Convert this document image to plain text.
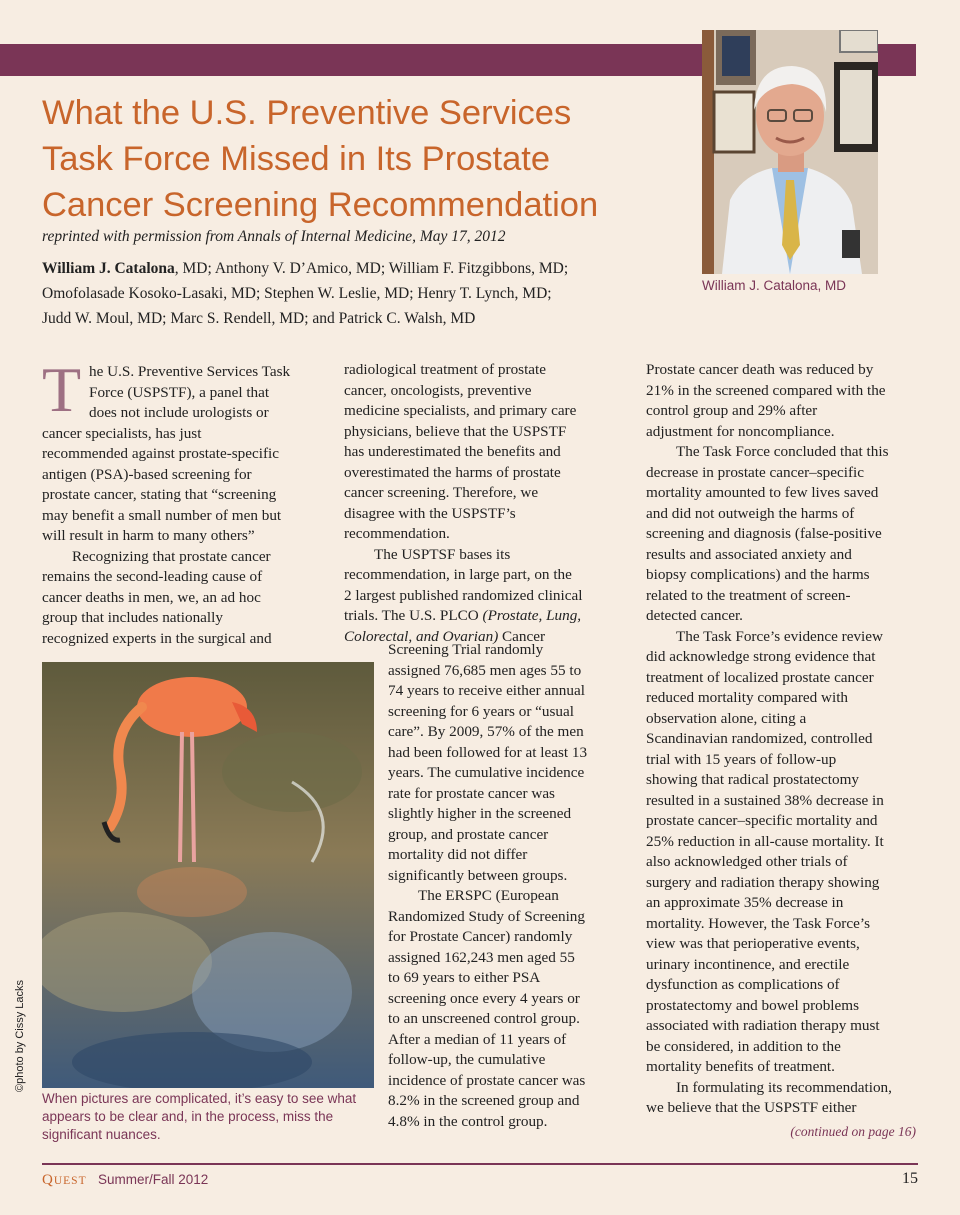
William J. Catalona, MD
What the U.S. Preventive Services
Task Force Missed in Its Prostate
Cancer Screening Recommendation
reprinted with permission from Annals of Internal Medicine, May 17, 2012
William J. Catalona, MD; Anthony V. D’Amico, MD; William F. Fitzgibbons, MD;
Omofolasade Kosoko-Lasaki, MD; Stephen W. Leslie, MD; Henry T. Lynch, MD;
Judd W. Moul, MD; Marc S. Rendell, MD; and Patrick C. Walsh, MD
T he U.S. Preventive Services Task
Force (USPSTF), a panel that
does not include urologists or

cancer specialists, has just
recommended against prostate-specific
antigen (PSA)-based screening for
prostate cancer, stating that “screening
may benefit a small number of men but
will result in harm to many others”

Recognizing that prostate cancer
remains the second-leading cause of
cancer deaths in men, we, an ad hoc
group that includes nationally
recognized experts in the surgical and

©photo by Cissy Lacks
When pictures are complicated, it’s easy to see what
appears to be clear and, in the process, miss the
significant nuances.

radiological treatment of prostate
cancer, oncologists, preventive
medicine specialists, and primary care
physicians, believe that the USPSTF
has underestimated the benefits and
overestimated the harms of prostate
cancer screening. Therefore, we
disagree with the USPSTF’s
recommendation.

The USPTSF bases its
recommendation, in large part, on the
2 largest published randomized clinical
trials. The U.S. PLCO (Prostate, Lung,
Colorectal, and Ovarian) Cancer

Screening Trial randomly
assigned 76,685 men ages 55 to
74 years to receive either annual
screening for 6 years or “usual
care”. By 2009, 57% of the men
had been followed for at least 13
years. The cumulative incidence
rate for prostate cancer was
slightly higher in the screened
group, and prostate cancer
mortality did not differ
significantly between groups.

The ERSPC (European
Randomized Study of Screening
for Prostate Cancer) randomly
assigned 162,243 men aged 55
to 69 years to either PSA
screening once every 4 years or
to an unscreened control group.
After a median of 11 years of
follow-up, the cumulative
incidence of prostate cancer was
8.2% in the screened group and
4.8% in the control group.

Prostate cancer death was reduced by
21% in the screened compared with the
control group and 29% after
adjustment for noncompliance.

The Task Force concluded that this
decrease in prostate cancer–specific
mortality amounted to few lives saved
and did not outweigh the harms of
screening and diagnosis (false-positive
results and associated anxiety and
biopsy complications) and the harms
related to the treatment of screen-
detected cancer.

The Task Force’s evidence review
did acknowledge strong evidence that
treatment of localized prostate cancer
reduced mortality compared with
observation alone, citing a
Scandinavian randomized, controlled
trial with 15 years of follow-up
showing that radical prostatectomy
resulted in a sustained 38% decrease in
prostate cancer–specific mortality and
25% reduction in all-cause mortality. It
also acknowledged other trials of
surgery and radiation therapy showing
an approximate 35% decrease in
mortality. However, the Task Force’s
view was that perioperative events,
urinary incontinence, and erectile
dysfunction as complications of
prostatectomy and bowel problems
associated with radiation therapy must
be considered, in addition to the
mortality benefits of treatment.

In formulating its recommendation,
we believe that the USPSTF either

(continued on page 16)
QUEST Summer/Fall 2012	15
